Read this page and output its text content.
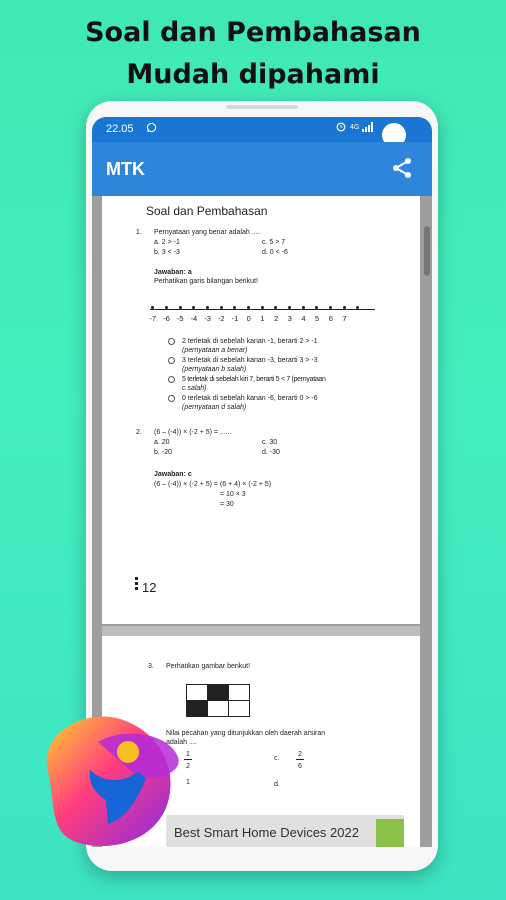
Soal dan Pembahasan
Mudah dipahami
22.05	4G
MTK
Soal dan Pembahasan
1. Pernyataan yang benar adalah ....
a. 2 > -1
b. 3 < -3
c. 5 > 7
d. 0 < -6
Jawaban: a
Perhatikan garis bilangan berikut!
-7 -6 -5 -4 -3 -2 -1 0 1 2 3 4 5 6 7
2 terletak di sebelah kanan -1, berarti 2 > -1
(pernyataan a benar)
3 terletak di sebelah kanan -3, berarti 3 > -3
(pernyataan b salah)
5 terletak di sebelah kiri 7, berarti 5 < 7 (pernyataan
c salah)
0 terletak di sebelah kanan -6, berarti 0 > -6
(pernyataan d salah)
2. (6 – (-4)) × (-2 + 5) = ......
a. 20
b. -20
c. 30
d. -30
Jawaban: c
(6 – (-4)) × (-2 + 5) = (6 + 4) × (-2 + 5)
= 10 × 3
= 30
12
3. Perhatikan gambar berikut!
Nilai pecahan yang ditunjukkan oleh daerah arsiran
adalah ....
1
2
1
c.
2
6
d.
Best Smart Home Devices 2022
